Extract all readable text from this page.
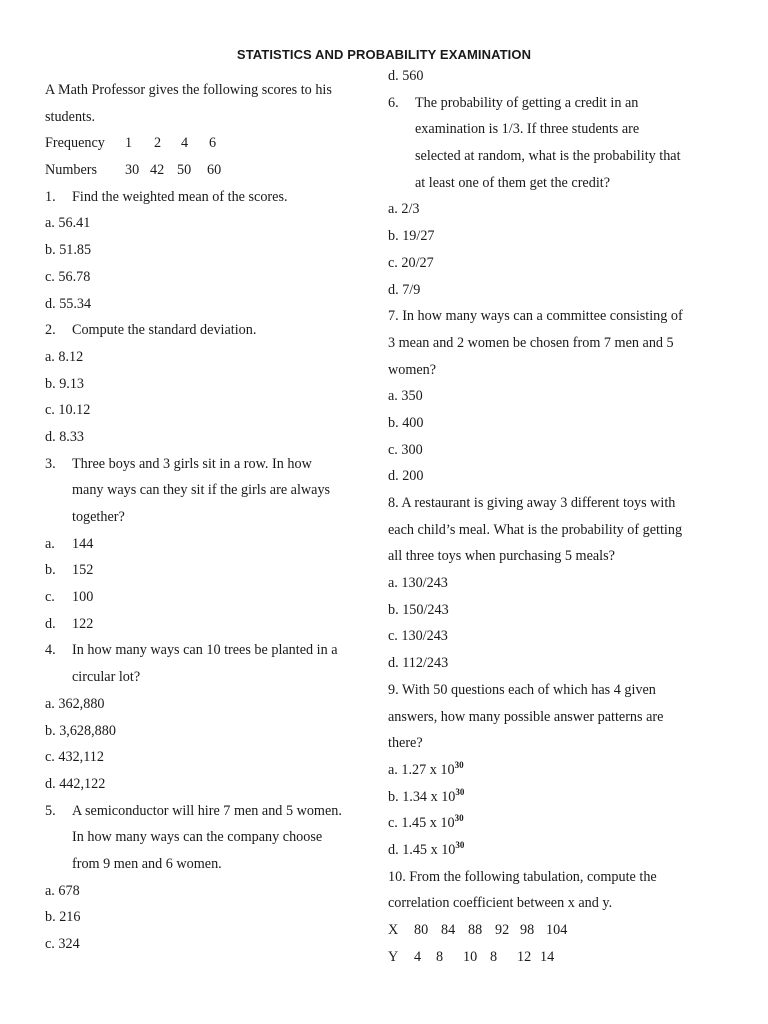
STATISTICS AND PROBABILITY EXAMINATION
A Math Professor gives the following scores to his
students.
Frequency 1 2 4 6
Numbers 30 42 50 60
1. Find the weighted mean of the scores.
a. 56.41
b. 51.85
c. 56.78
d. 55.34
2. Compute the standard deviation.
a. 8.12
b. 9.13
c. 10.12
d. 8.33
3. Three boys and 3 girls sit in a row. In how
many ways can they sit if the girls are always
together?
a. 144
b. 152
c. 100
d. 122
4. In how many ways can 10 trees be planted in a
circular lot?
a. 362,880
b. 3,628,880
c. 432,112
d. 442,122
5. A semiconductor will hire 7 men and 5 women.
In how many ways can the company choose
from 9 men and 6 women.
a. 678
b. 216
c. 324
d. 560
6. The probability of getting a credit in an
examination is 1/3. If three students are
selected at random, what is the probability that
at least one of them get the credit?
a. 2/3
b. 19/27
c. 20/27
d. 7/9
7. In how many ways can a committee consisting of
3 mean and 2 women be chosen from 7 men and 5
women?
a. 350
b. 400
c. 300
d. 200
8. A restaurant is giving away 3 different toys with
each child’s meal. What is the probability of getting
all three toys when purchasing 5 meals?
a. 130/243
b. 150/243
c. 130/243
d. 112/243
9. With 50 questions each of which has 4 given
answers, how many possible answer patterns are
there?
a. 1.27 x $10^{30}$
b. 1.34 x $10^{30}$
c. 1.45 x $10^{30}$
d. 1.45 x $10^{30}$
10. From the following tabulation, compute the
correlation coefficient between x and y.
X 80 84 88 92 98 104
Y 4 8 10 8 12 14
